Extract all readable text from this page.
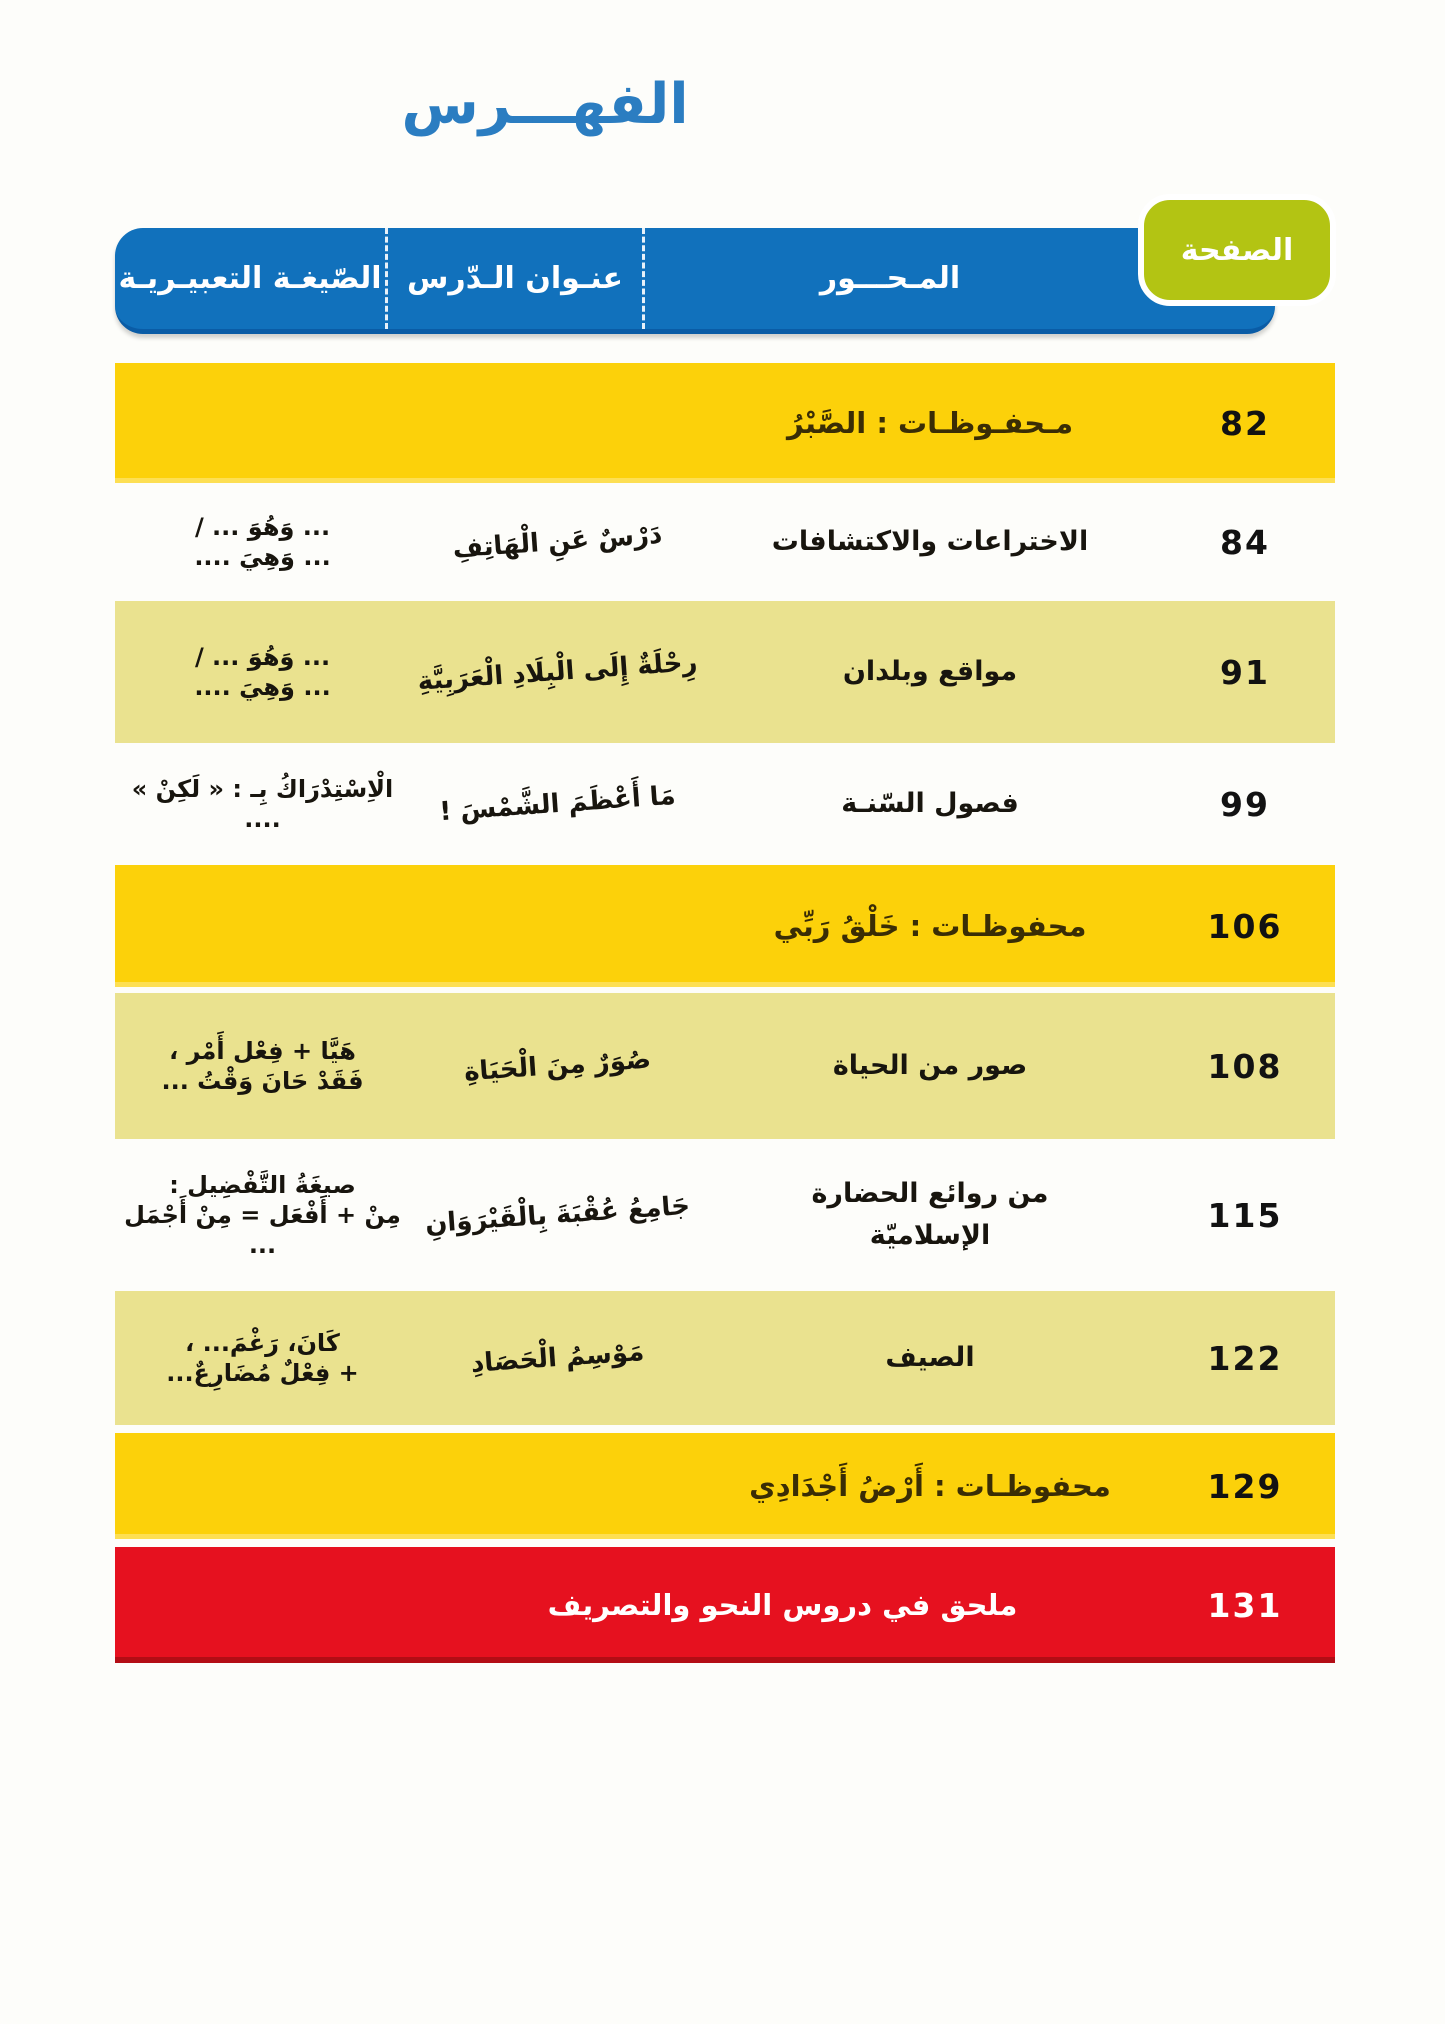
الفهـــرس
المـحـــور
عنـوان الـدّرس
الصّيغـة التعبيـريـة
الصفحة
82
مـحفـوظـات : الصَّبْرُ
84
الاختراعات والاكتشافات
دَرْسٌ عَنِ الْهَاتِفِ
... وَهُوَ ... /
... وَهِيَ ....
91
مواقع وبلدان
رِحْلَةٌ إِلَى الْبِلَادِ الْعَرَبِيَّةِ
... وَهُوَ ... /
... وَهِيَ ....
99
فصول السّنـة
مَا أَعْظَمَ الشَّمْسَ !
الْاِسْتِدْرَاكُ بِـ : « لَكِنْ » ....
106
محفوظـات : خَلْقُ رَبِّي
108
صور من الحياة
صُوَرٌ مِنَ الْحَيَاةِ
هَيَّا + فِعْل أَمْر ،
فَقَدْ حَانَ وَقْتُ ...
115
من روائع الحضارة
الإسلاميّة
جَامِعُ عُقْبَةَ بِالْقَيْرَوَانِ
صيغَةُ التَّفْضِيل :
مِنْ + أَفْعَل = مِنْ أَجْمَل ...
122
الصيف
مَوْسِمُ الْحَصَادِ
كَانَ، رَغْمَ... ،
+ فِعْلٌ مُضَارِعٌ...
129
محفوظـات : أَرْضُ أَجْدَادِي
131
ملحق في دروس النحو والتصريف
